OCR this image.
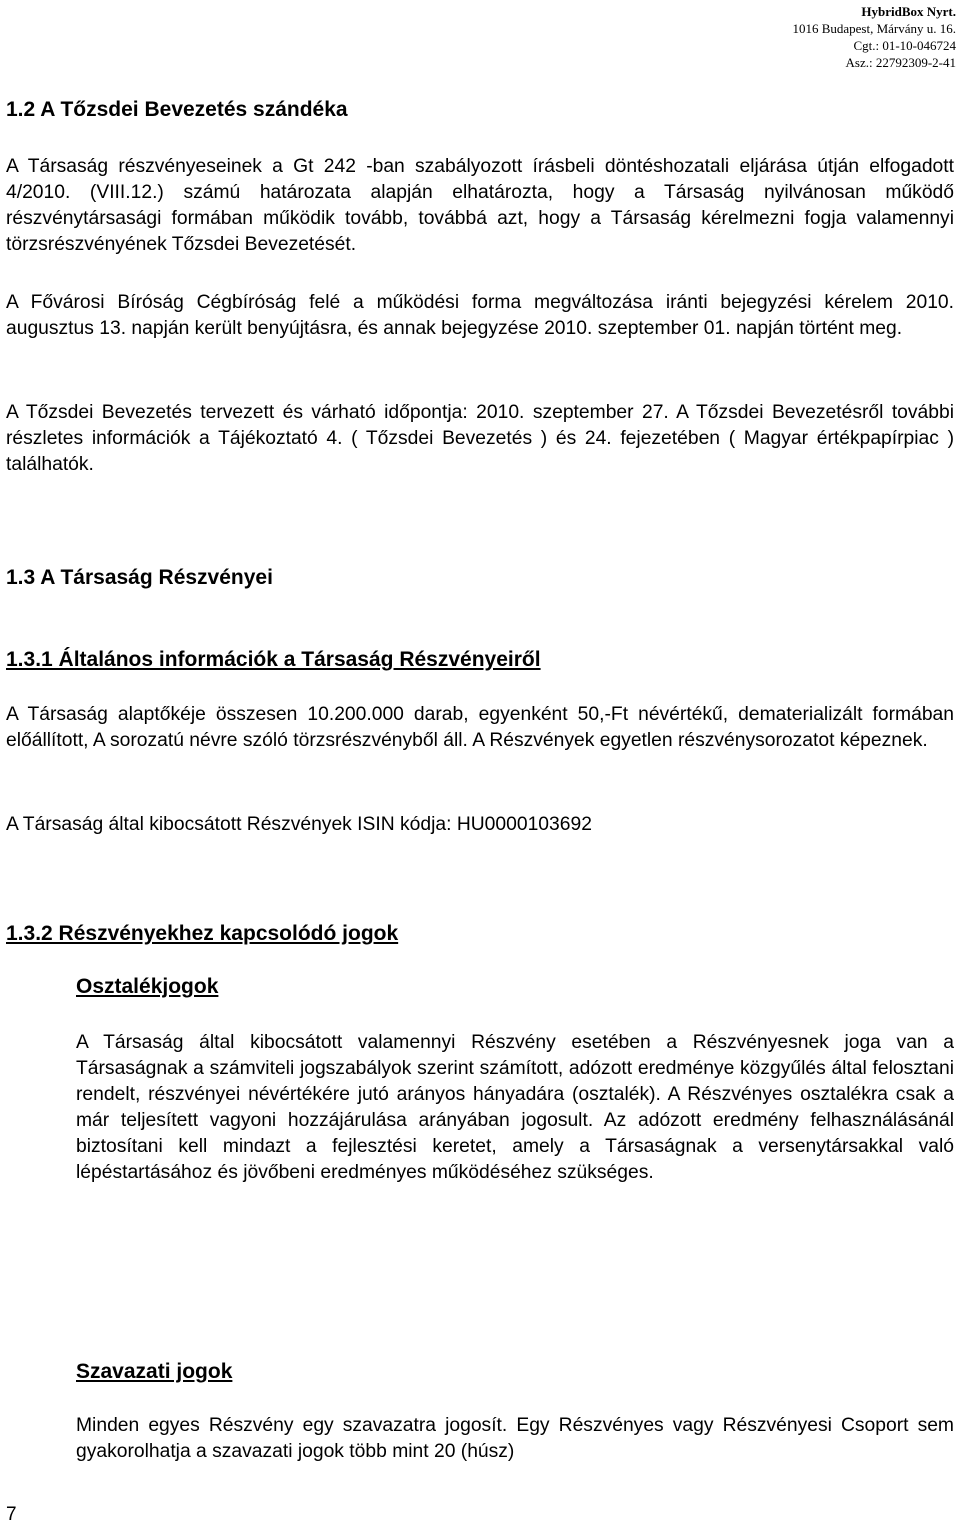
HybridBox Nyrt.
1016 Budapest, Márvány u. 16.
Cgt.: 01-10-046724
Asz.: 22792309-2-41
1.2 A Tőzsdei Bevezetés szándéka

A Társaság részvényeseinek a Gt 242 -ban szabályozott írásbeli döntéshozatali eljárása útján elfogadott 4/2010. (VIII.12.) számú határozata alapján elhatározta, hogy a Társaság nyilvánosan működő részvénytársasági formában működik tovább, továbbá azt, hogy a Társaság kérelmezni fogja valamennyi törzsrészvényének Tőzsdei Bevezetését.

A Fővárosi Bíróság Cégbíróság felé a működési forma megváltozása iránti bejegyzési kérelem 2010. augusztus 13. napján került benyújtásra, és annak bejegyzése 2010. szeptember 01. napján történt meg.

A Tőzsdei Bevezetés tervezett és várható időpontja: 2010. szeptember 27. A Tőzsdei Bevezetésről további részletes információk a Tájékoztató 4. ( Tőzsdei Bevezetés ) és 24. fejezetében ( Magyar értékpapírpiac ) találhatók.

1.3 A Társaság Részvényei
1.3.1 Általános információk a Társaság Részvényeiről

A Társaság alaptőkéje összesen 10.200.000 darab, egyenként 50,-Ft névértékű, dematerializált formában előállított, A sorozatú névre szóló törzsrészvényből áll. A Részvények egyetlen részvénysorozatot képeznek.

A Társaság által kibocsátott Részvények ISIN kódja: HU0000103692

1.3.2 Részvényekhez kapcsolódó jogok
Osztalékjogok

A Társaság által kibocsátott valamennyi Részvény esetében a Részvényesnek joga van a Társaságnak a számviteli jogszabályok szerint számított, adózott eredménye közgyűlés által felosztani rendelt, részvényei névértékére jutó arányos hányadára (osztalék). A Részvényes osztalékra csak a már teljesített vagyoni hozzájárulása arányában jogosult. Az adózott eredmény felhasználásánál biztosítani kell mindazt a fejlesztési keretet, amely a Társaságnak a versenytársakkal való lépéstartásához és jövőbeni eredményes működéséhez szükséges.

Szavazati jogok

Minden egyes Részvény egy szavazatra jogosít. Egy Részvényes vagy Részvényesi Csoport sem gyakorolhatja a szavazati jogok több mint 20 (húsz)

7
